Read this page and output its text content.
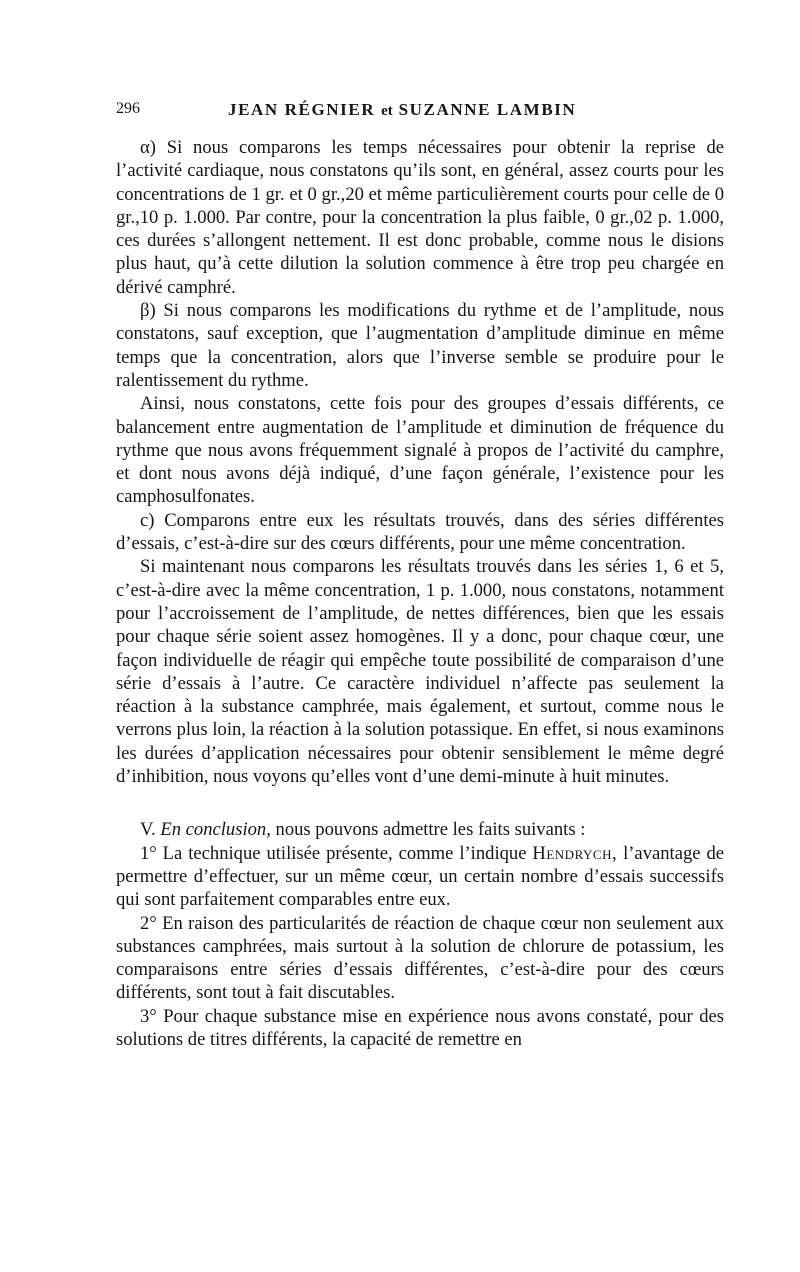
296	JEAN RÉGNIER et SUZANNE LAMBIN

α) Si nous comparons les temps nécessaires pour obtenir la reprise de l’activité cardiaque, nous constatons qu’ils sont, en général, assez courts pour les concentrations de 1 gr. et 0 gr.,20 et même particulièrement courts pour celle de 0 gr.,10 p. 1.000. Par contre, pour la concentration la plus faible, 0 gr.,02 p. 1.000, ces durées s’allongent nettement. Il est donc probable, comme nous le disions plus haut, qu’à cette dilution la solution commence à être trop peu chargée en dérivé camphré.

β) Si nous comparons les modifications du rythme et de l’amplitude, nous constatons, sauf exception, que l’augmentation d’amplitude diminue en même temps que la concentration, alors que l’inverse semble se produire pour le ralentissement du rythme.

Ainsi, nous constatons, cette fois pour des groupes d’essais différents, ce balancement entre augmentation de l’amplitude et diminution de fréquence du rythme que nous avons fréquemment signalé à propos de l’activité du camphre, et dont nous avons déjà indiqué, d’une façon générale, l’existence pour les camphosulfonates.

c) Comparons entre eux les résultats trouvés, dans des séries différentes d’essais, c’est-à-dire sur des cœurs différents, pour une même concentration.

Si maintenant nous comparons les résultats trouvés dans les séries 1, 6 et 5, c’est-à-dire avec la même concentration, 1 p. 1.000, nous constatons, notamment pour l’accroissement de l’amplitude, de nettes différences, bien que les essais pour chaque série soient assez homogènes. Il y a donc, pour chaque cœur, une façon individuelle de réagir qui empêche toute possibilité de comparaison d’une série d’essais à l’autre. Ce caractère individuel n’affecte pas seulement la réaction à la substance camphrée, mais également, et surtout, comme nous le verrons plus loin, la réaction à la solution potassique. En effet, si nous examinons les durées d’application nécessaires pour obtenir sensiblement le même degré d’inhibition, nous voyons qu’elles vont d’une demi-minute à huit minutes.

V. En conclusion, nous pouvons admettre les faits suivants :

1° La technique utilisée présente, comme l’indique Hendrych, l’avantage de permettre d’effectuer, sur un même cœur, un certain nombre d’essais successifs qui sont parfaitement comparables entre eux.

2° En raison des particularités de réaction de chaque cœur non seulement aux substances camphrées, mais surtout à la solution de chlorure de potassium, les comparaisons entre séries d’essais différentes, c’est-à-dire pour des cœurs différents, sont tout à fait discutables.

3° Pour chaque substance mise en expérience nous avons constaté, pour des solutions de titres différents, la capacité de remettre en
